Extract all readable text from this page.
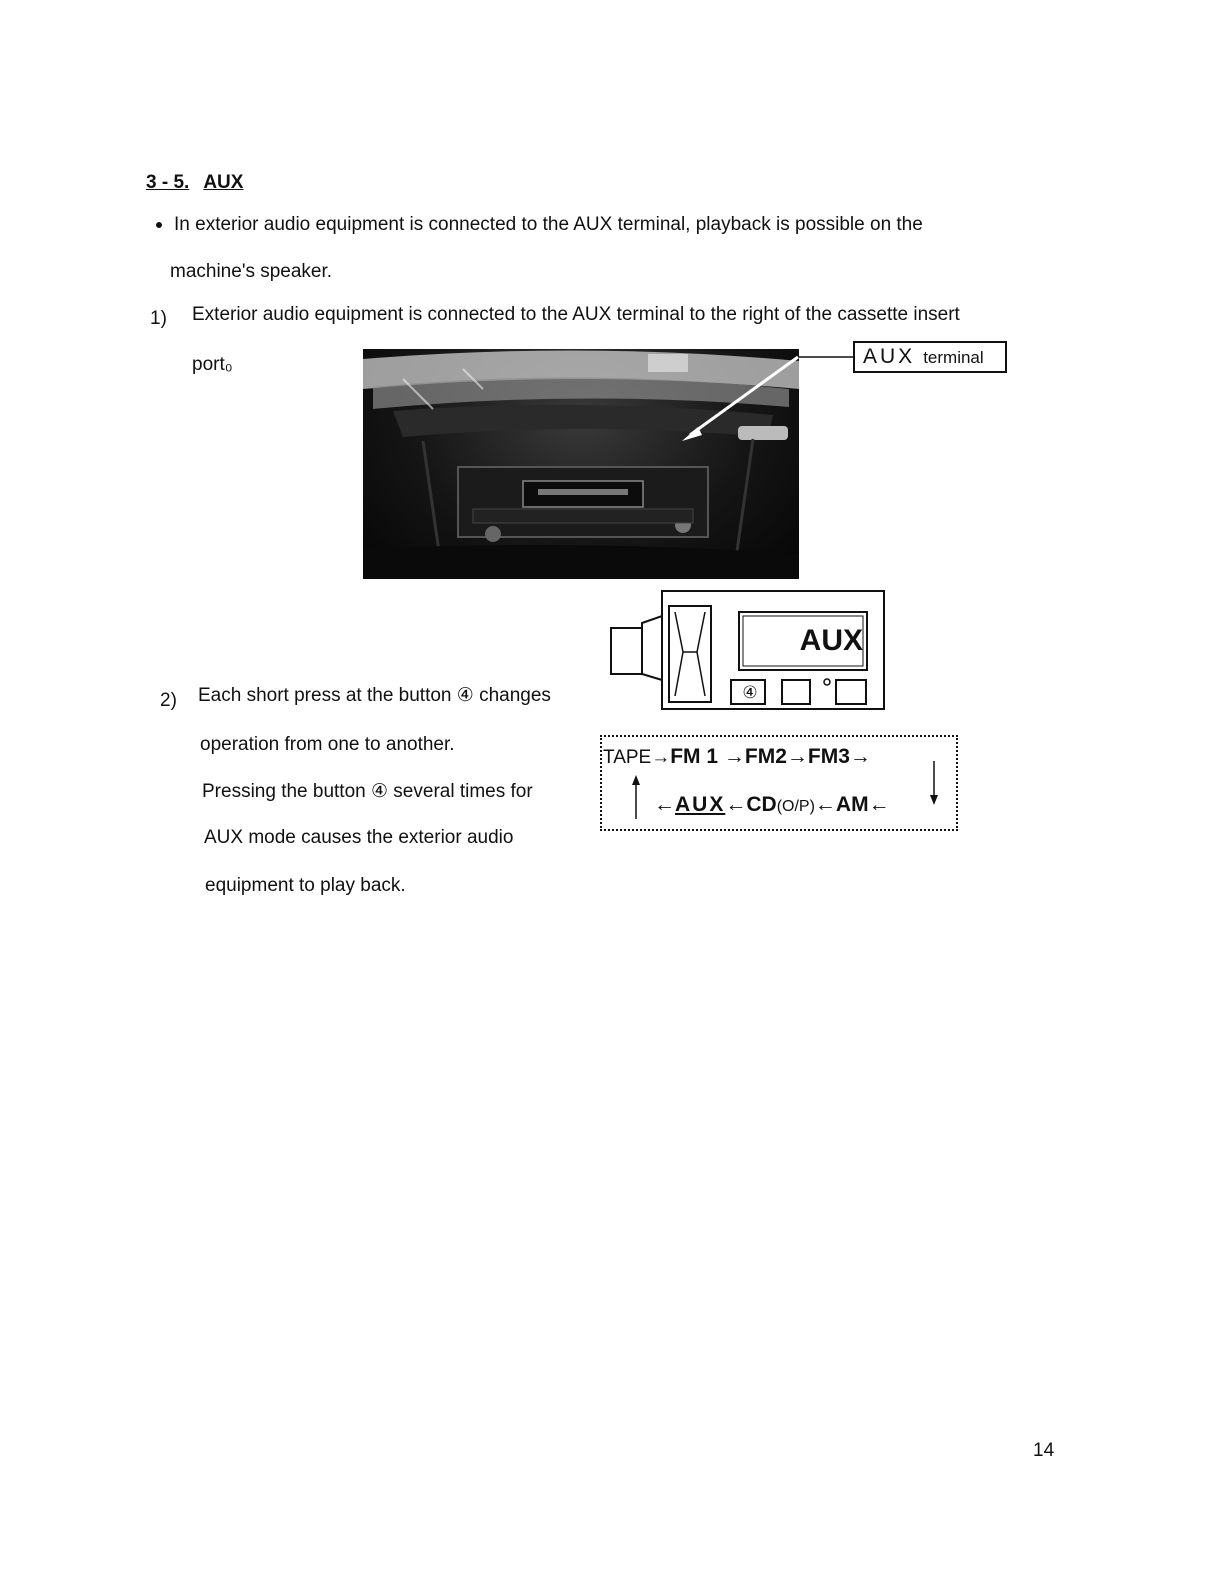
3 - 5. AUX
In exterior audio equipment is connected to the AUX terminal, playback is possible on the
machine's speaker.
1) Exterior audio equipment is connected to the AUX terminal to the right of the cassette insert
port₀	AUX terminal
AUX
④
2) Each short press at the button ④ changes
operation from one to another.
Pressing the button ④ several times for
AUX mode causes the exterior audio
equipment to play back.
TAPE→FM 1 →FM2→FM3→
←AUX←CD(O/P)←AM←
14
